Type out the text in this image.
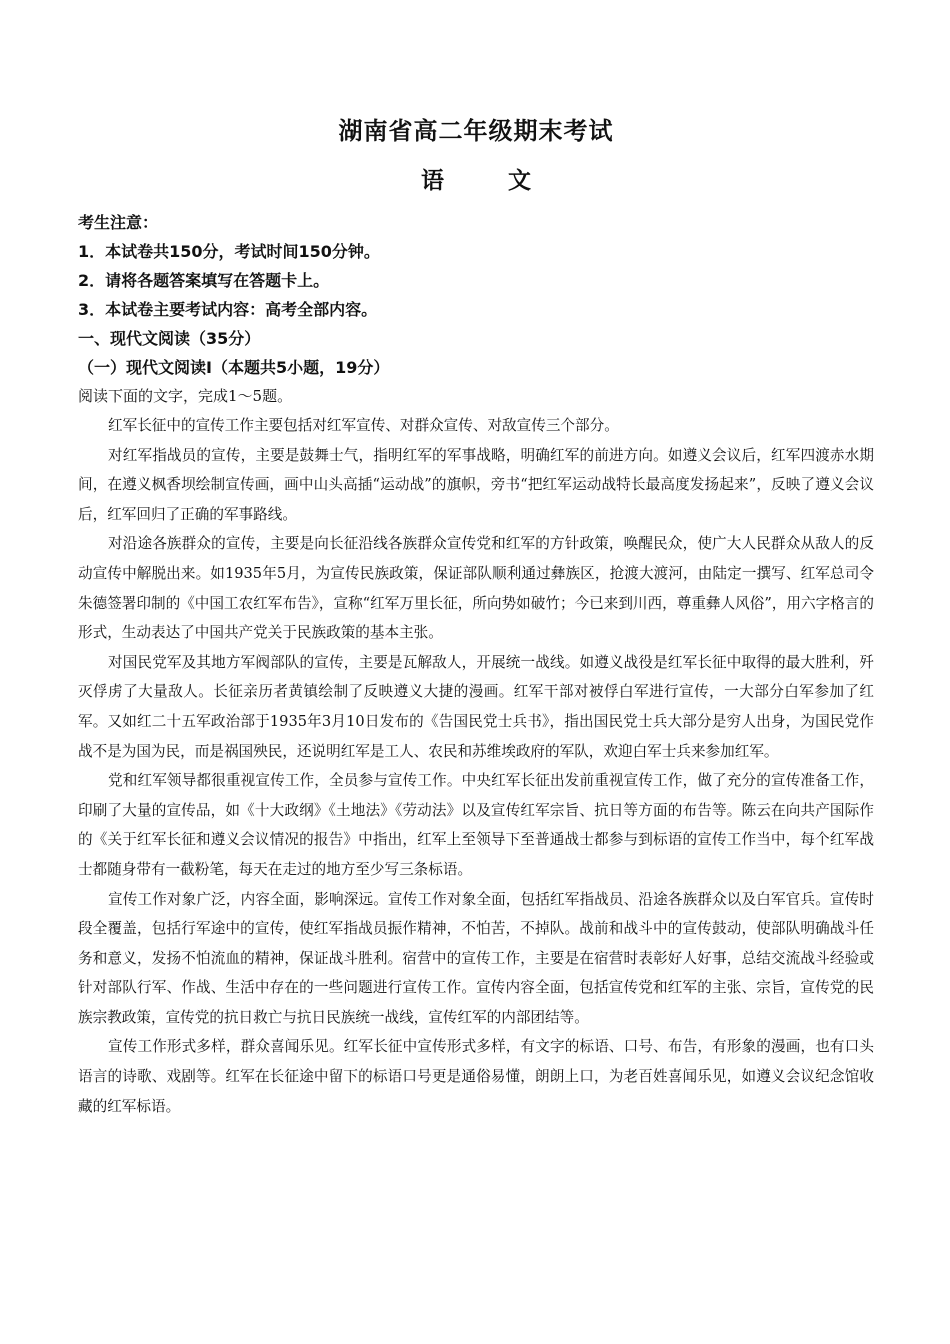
湖南省高二年级期末考试
语 文
考生注意：
1．本试卷共150分，考试时间150分钟。
2．请将各题答案填写在答题卡上。
3．本试卷主要考试内容：高考全部内容。
一、现代文阅读（35分）
（一）现代文阅读Ⅰ（本题共5小题，19分）
阅读下面的文字，完成1～5题。

红军长征中的宣传工作主要包括对红军宣传、对群众宣传、对敌宣传三个部分。

对红军指战员的宣传，主要是鼓舞士气，指明红军的军事战略，明确红军的前进方向。如遵义会议后，红军四渡赤水期间，在遵义枫香坝绘制宣传画，画中山头高插“运动战”的旗帜，旁书“把红军运动战特长最高度发扬起来”，反映了遵义会议后，红军回归了正确的军事路线。

对沿途各族群众的宣传，主要是向长征沿线各族群众宣传党和红军的方针政策，唤醒民众，使广大人民群众从敌人的反动宣传中解脱出来。如1935年5月，为宣传民族政策，保证部队顺利通过彝族区，抢渡大渡河，由陆定一撰写、红军总司令朱德签署印制的《中国工农红军布告》，宣称“红军万里长征，所向势如破竹；今已来到川西，尊重彝人风俗”，用六字格言的形式，生动表达了中国共产党关于民族政策的基本主张。

对国民党军及其地方军阀部队的宣传，主要是瓦解敌人，开展统一战线。如遵义战役是红军长征中取得的最大胜利，歼灭俘虏了大量敌人。长征亲历者黄镇绘制了反映遵义大捷的漫画。红军干部对被俘白军进行宣传，一大部分白军参加了红军。又如红二十五军政治部于1935年3月10日发布的《告国民党士兵书》，指出国民党士兵大部分是穷人出身，为国民党作战不是为国为民，而是祸国殃民，还说明红军是工人、农民和苏维埃政府的军队，欢迎白军士兵来参加红军。

党和红军领导都很重视宣传工作，全员参与宣传工作。中央红军长征出发前重视宣传工作，做了充分的宣传准备工作，印刷了大量的宣传品，如《十大政纲》《土地法》《劳动法》以及宣传红军宗旨、抗日等方面的布告等。陈云在向共产国际作的《关于红军长征和遵义会议情况的报告》中指出，红军上至领导下至普通战士都参与到标语的宣传工作当中，每个红军战士都随身带有一截粉笔，每天在走过的地方至少写三条标语。

宣传工作对象广泛，内容全面，影响深远。宣传工作对象全面，包括红军指战员、沿途各族群众以及白军官兵。宣传时段全覆盖，包括行军途中的宣传，使红军指战员振作精神，不怕苦，不掉队。战前和战斗中的宣传鼓动，使部队明确战斗任务和意义，发扬不怕流血的精神，保证战斗胜利。宿营中的宣传工作，主要是在宿营时表彰好人好事，总结交流战斗经验或针对部队行军、作战、生活中存在的一些问题进行宣传工作。宣传内容全面，包括宣传党和红军的主张、宗旨，宣传党的民族宗教政策，宣传党的抗日救亡与抗日民族统一战线，宣传红军的内部团结等。

宣传工作形式多样，群众喜闻乐见。红军长征中宣传形式多样，有文字的标语、口号、布告，有形象的漫画，也有口头语言的诗歌、戏剧等。红军在长征途中留下的标语口号更是通俗易懂，朗朗上口，为老百姓喜闻乐见，如遵义会议纪念馆收藏的红军标语。
